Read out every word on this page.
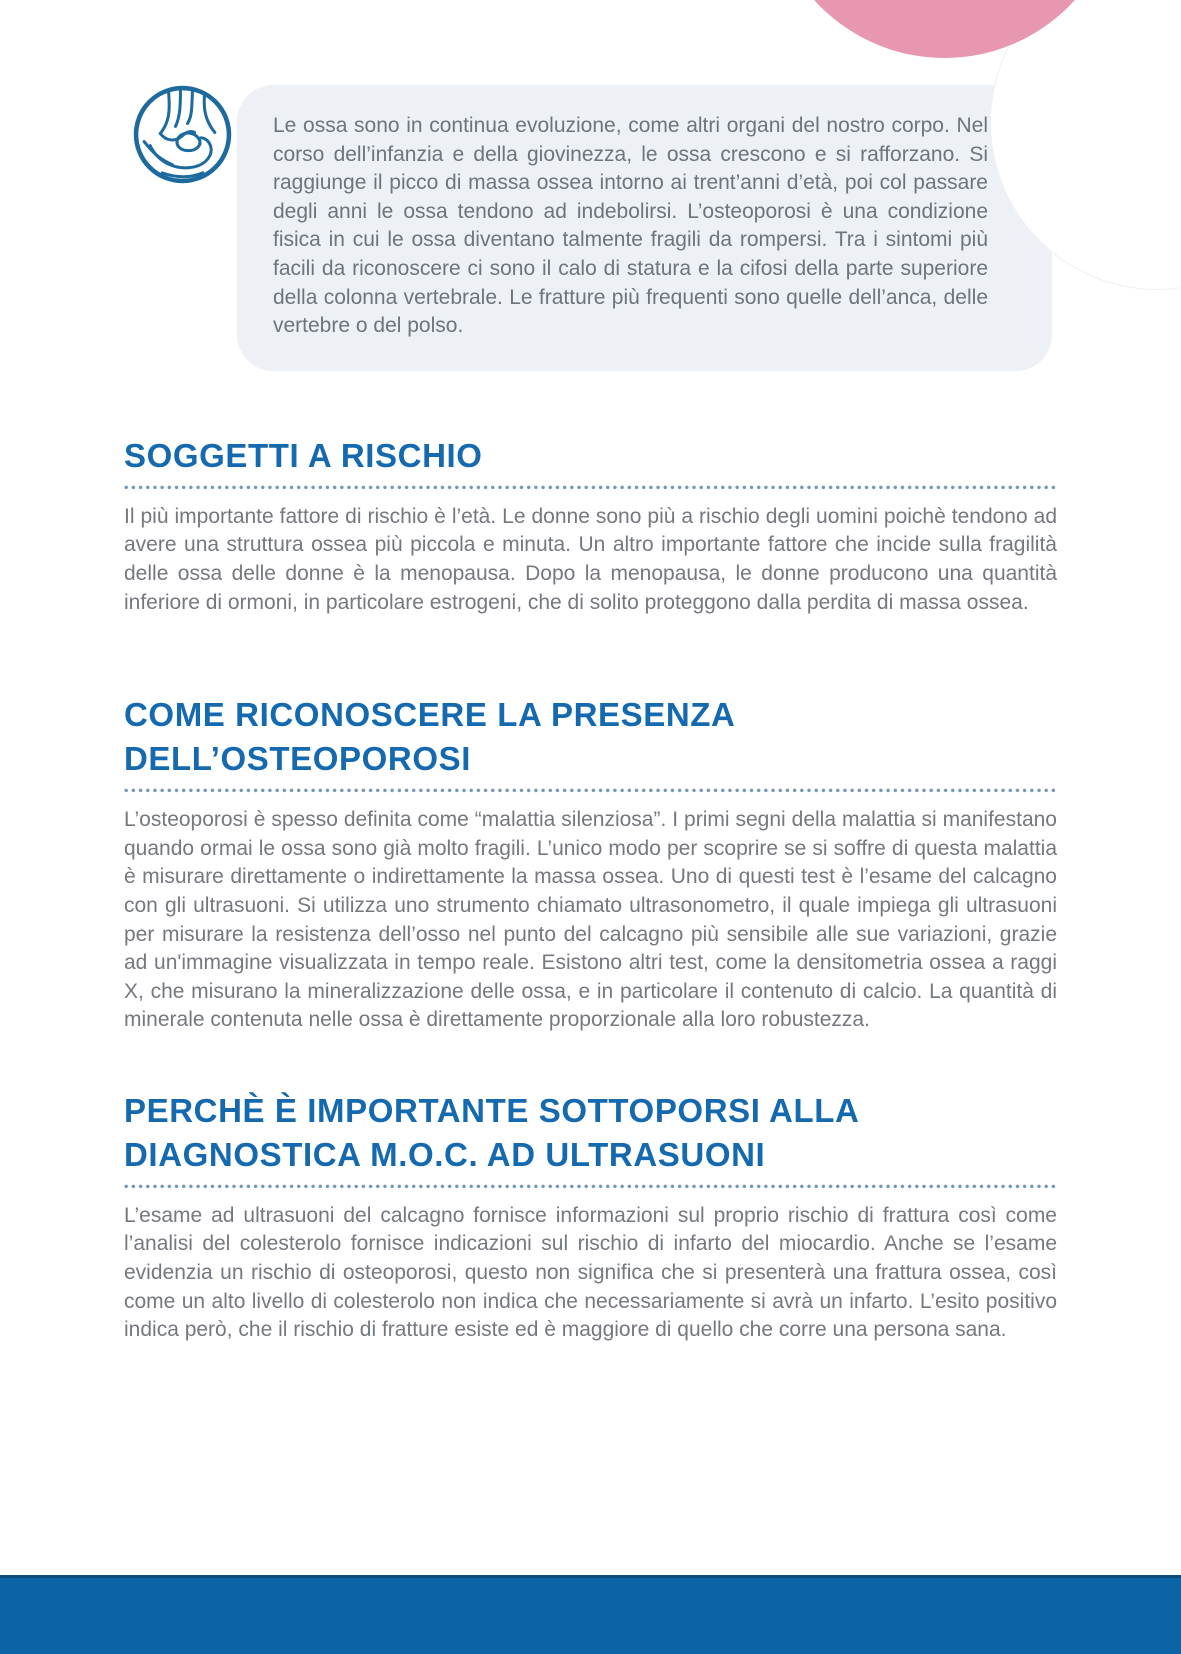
Le ossa sono in continua evoluzione, come altri organi del nostro corpo. Nel corso dell’infanzia e della giovinezza, le ossa crescono e si rafforzano. Si raggiunge il picco di massa ossea intorno ai trent’anni d’età, poi col passare degli anni le ossa tendono ad indebolirsi. L’osteoporosi è una condizione fisica in cui le ossa diventano talmente fragili da rompersi. Tra i sintomi più facili da riconoscere ci sono il calo di statura e la cifosi della parte superiore della colonna vertebrale. Le fratture più frequenti sono quelle dell’anca, delle vertebre o del polso.

SOGGETTI A RISCHIO

Il più importante fattore di rischio è l’età. Le donne sono più a rischio degli uomini poichè tendono ad avere una struttura ossea più piccola e minuta. Un altro importante fattore che incide sulla fragilità delle ossa delle donne è la menopausa. Dopo la menopausa, le donne producono una quantità inferiore di ormoni, in particolare estrogeni, che di solito proteggono dalla perdita di massa ossea.

COME RICONOSCERE LA PRESENZA
DELL’OSTEOPOROSI

L’osteoporosi è spesso definita come “malattia silenziosa”. I primi segni della malattia si manifestano quando ormai le ossa sono già molto fragili. L’unico modo per scoprire se si soffre di questa malattia è misurare direttamente o indirettamente la massa ossea. Uno di questi test è l’esame del calcagno con gli ultrasuoni. Si utilizza uno strumento chiamato ultrasonometro, il quale impiega gli ultrasuoni per misurare la resistenza dell’osso nel punto del calcagno più sensibile alle sue variazioni, grazie ad un'immagine visualizzata in tempo reale. Esistono altri test, come la densitometria ossea a raggi X, che misurano la mineralizzazione delle ossa, e in particolare il contenuto di calcio. La quantità di minerale contenuta nelle ossa è direttamente proporzionale alla loro robustezza.

PERCHÈ È IMPORTANTE SOTTOPORSI ALLA
DIAGNOSTICA M.O.C. AD ULTRASUONI

L’esame ad ultrasuoni del calcagno fornisce informazioni sul proprio rischio di frattura così come l’analisi del colesterolo fornisce indicazioni sul rischio di infarto del miocardio. Anche se l’esame evidenzia un rischio di osteoporosi, questo non significa che si presenterà una frattura ossea, così come un alto livello di colesterolo non indica che necessariamente si avrà un infarto. L’esito positivo indica però, che il rischio di fratture esiste ed è maggiore di quello che corre una persona sana.
